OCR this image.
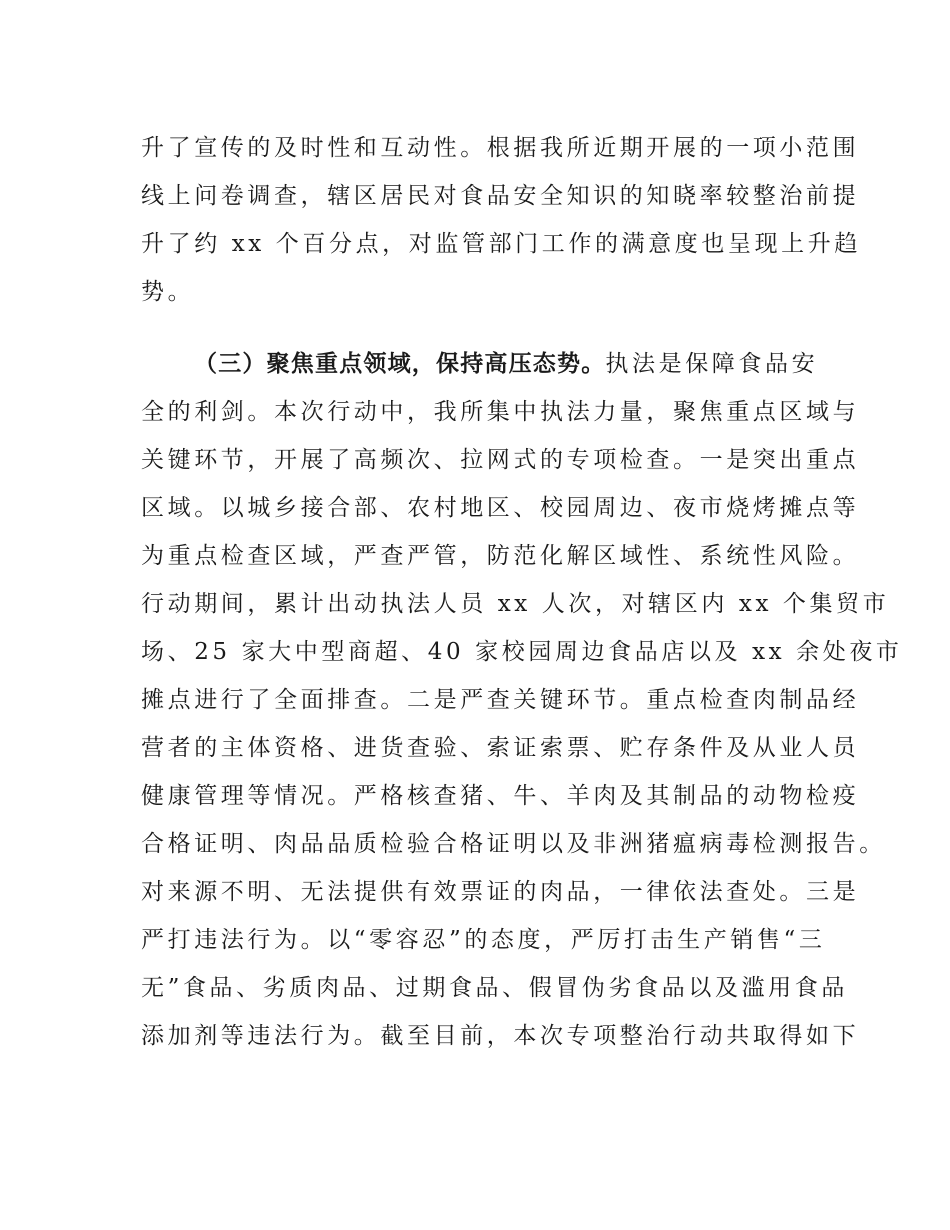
升了宣传的及时性和互动性。根据我所近期开展的一项小范围
线上问卷调查，辖区居民对食品安全知识的知晓率较整治前提
升了约 xx 个百分点，对监管部门工作的满意度也呈现上升趋
势。
（三）聚焦重点领域，保持高压态势。执法是保障食品安
全的利剑。本次行动中，我所集中执法力量，聚焦重点区域与
关键环节，开展了高频次、拉网式的专项检查。一是突出重点
区域。以城乡接合部、农村地区、校园周边、夜市烧烤摊点等
为重点检查区域，严查严管，防范化解区域性、系统性风险。
行动期间，累计出动执法人员 xx 人次，对辖区内 xx 个集贸市
场、25 家大中型商超、40 家校园周边食品店以及 xx 余处夜市
摊点进行了全面排查。二是严查关键环节。重点检查肉制品经
营者的主体资格、进货查验、索证索票、贮存条件及从业人员
健康管理等情况。严格核查猪、牛、羊肉及其制品的动物检疫
合格证明、肉品品质检验合格证明以及非洲猪瘟病毒检测报告。
对来源不明、无法提供有效票证的肉品，一律依法查处。三是
严打违法行为。以“零容忍”的态度，严厉打击生产销售“三
无”食品、劣质肉品、过期食品、假冒伪劣食品以及滥用食品
添加剂等违法行为。截至目前，本次专项整治行动共取得如下
